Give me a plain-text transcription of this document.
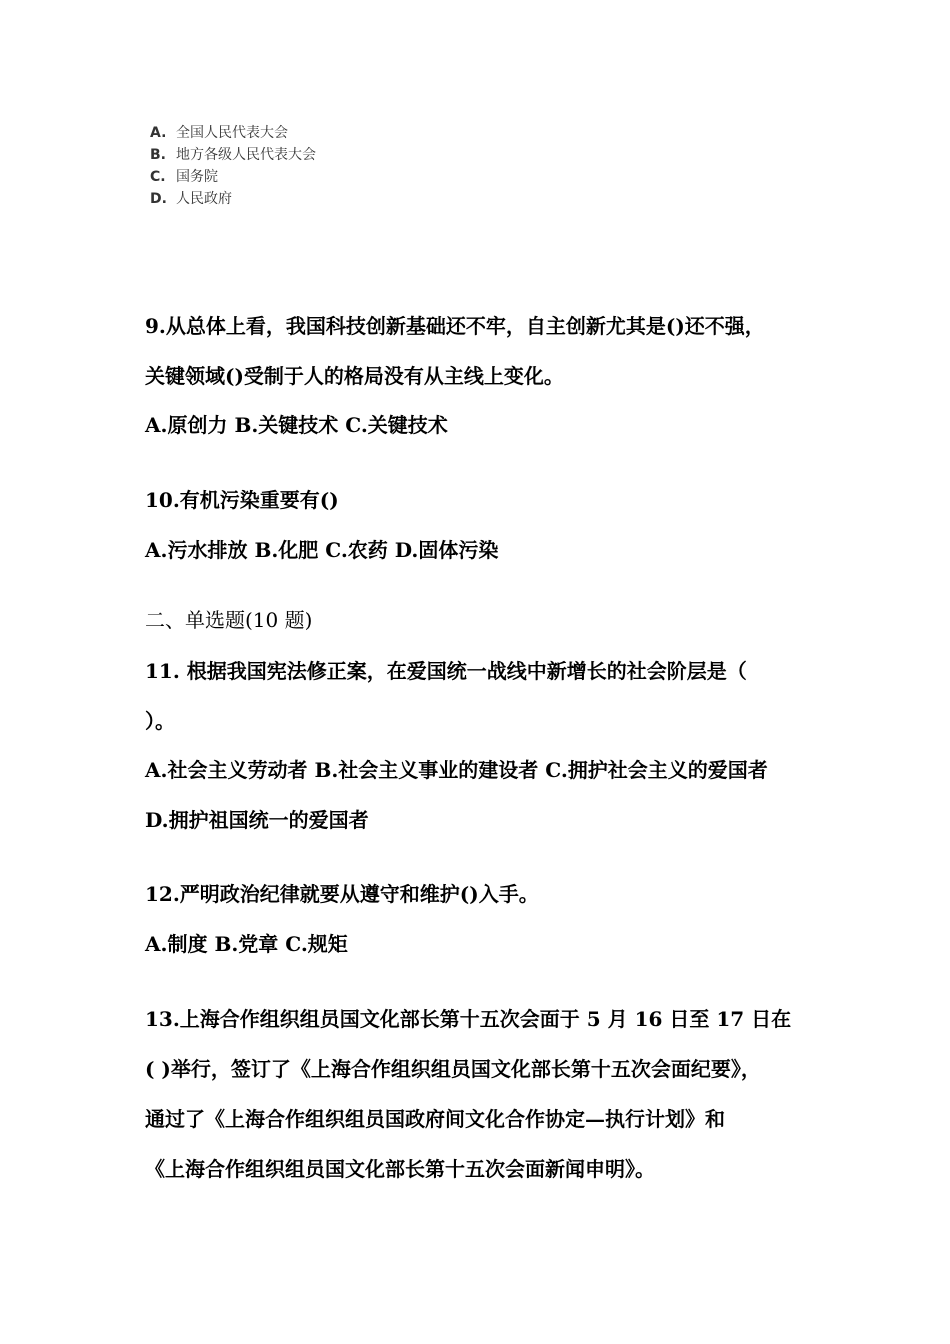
A. 全国人民代表大会
B. 地方各级人民代表大会
C. 国务院
D. 人民政府
9.从总体上看，我国科技创新基础还不牢，自主创新尤其是()还不强，
关键领域()受制于人的格局没有从主线上变化。
A.原创力 B.关键技术 C.关键技术
10.有机污染重要有()
A.污水排放 B.化肥 C.农药 D.固体污染
二、单选题(10 题)
11. 根据我国宪法修正案，在爱国统一战线中新增长的社会阶层是（
）。
A.社会主义劳动者 B.社会主义事业的建设者 C.拥护社会主义的爱国者
D.拥护祖国统一的爱国者
12.严明政治纪律就要从遵守和维护()入手。
A.制度 B.党章 C.规矩
13.上海合作组织组员国文化部长第十五次会面于 5 月 16 日至 17 日在
( )举行，签订了《上海合作组织组员国文化部长第十五次会面纪要》，
通过了《上海合作组织组员国政府间文化合作协定—执行计划》和
《上海合作组织组员国文化部长第十五次会面新闻申明》。
